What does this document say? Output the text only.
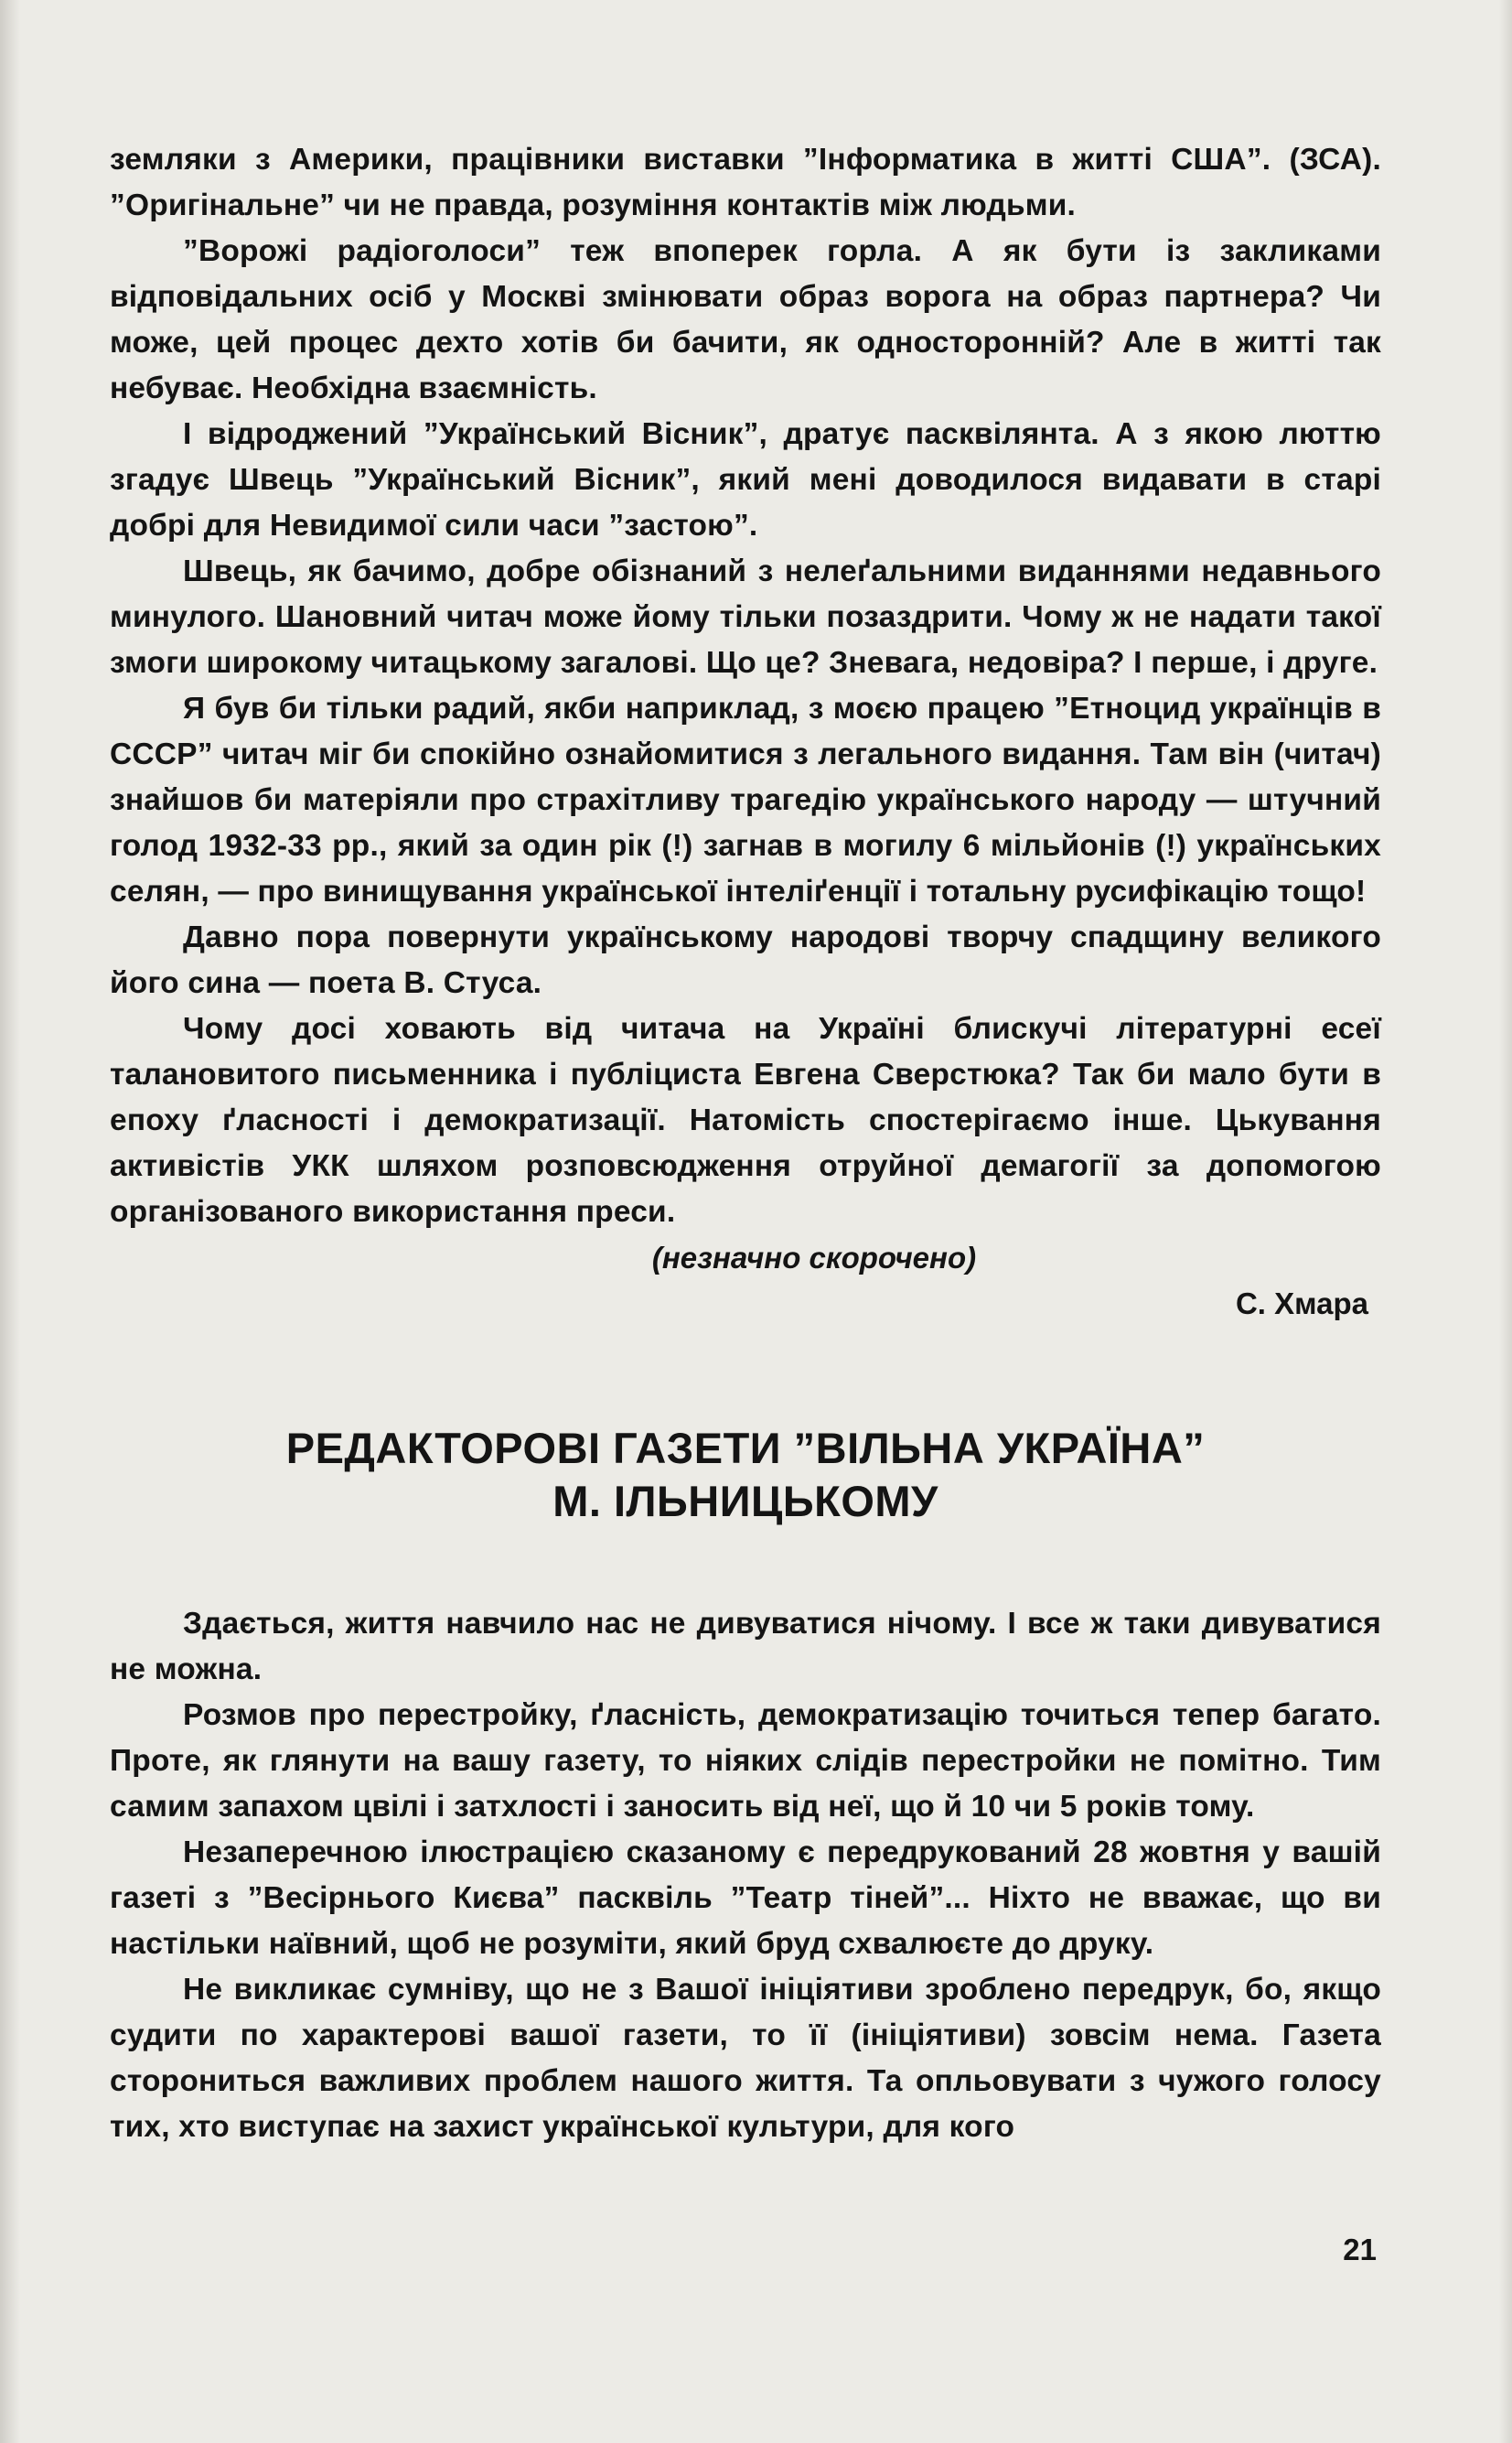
земляки з Америки, працівники виставки ”Інформатика в житті США”. (ЗСА). ”Оригінальне” чи не правда, розуміння контактів між людьми.

”Ворожі радіоголоси” теж впоперек горла. А як бути із закликами відповідальних осіб у Москві змінювати образ ворога на образ партнера? Чи може, цей процес дехто хотів би бачити, як односторонній? Але в житті так небуває. Необхідна взаємність.

І відроджений ”Український Вісник”, дратує пасквілянта. А з якою люттю згадує Швець ”Український Вісник”, який мені доводилося видавати в старі добрі для Невидимої сили часи ”застою”.

Швець, як бачимо, добре обізнаний з нелеґальними виданнями недавнього минулого. Шановний читач може йому тільки позаздрити. Чому ж не надати такої змоги широкому читацькому загалові. Що це? Зневага, недовіра? І перше, і друге.

Я був би тільки радий, якби наприклад, з моєю працею ”Етноцид українців в СССР” читач міг би спокійно ознайомитися з легального видання. Там він (читач) знайшов би матеріяли про страхітливу трагедію українського народу — штучний голод 1932-33 рр., який за один рік (!) загнав в могилу 6 мільйонів (!) українських селян, — про винищування української інтеліґенції і тотальну русифікацію тощо!

Давно пора повернути українському народові творчу спадщину великого його сина — поета В. Стуса.

Чому досі ховають від читача на Україні блискучі літературні есеї талановитого письменника і публіциста Евгена Сверстюка? Так би мало бути в епоху ґласності і демократизації. Натомість спостерігаємо інше. Цькування активістів УКК шляхом розповсюдження отруйної демагогії за допомогою організованого використання преси.

(незначно скорочено)
С. Хмара
РЕДАКТОРОВІ ГАЗЕТИ ”ВІЛЬНА УКРАЇНА”
М. ІЛЬНИЦЬКОМУ

Здається, життя навчило нас не дивуватися нічому. І все ж таки дивуватися не можна.

Розмов про перестройку, ґласність, демократизацію точиться тепер багато. Проте, як глянути на вашу газету, то ніяких слідів перестройки не помітно. Тим самим запахом цвілі і затхлості і заносить від неї, що й 10 чи 5 років тому.

Незаперечною ілюстрацією сказаному є передрукований 28 жовтня у вашій газеті з ”Весірнього Києва” пасквіль ”Театр тіней”... Ніхто не вважає, що ви настільки наївний, щоб не розуміти, який бруд схвалюєте до друку.

Не викликає сумніву, що не з Вашої ініціятиви зроблено передрук, бо, якщо судити по характерові вашої газети, то її (ініціятиви) зовсім нема. Газета сторониться важливих проблем нашого життя. Та опльовувати з чужого голосу тих, хто виступає на захист української культури, для кого

21
